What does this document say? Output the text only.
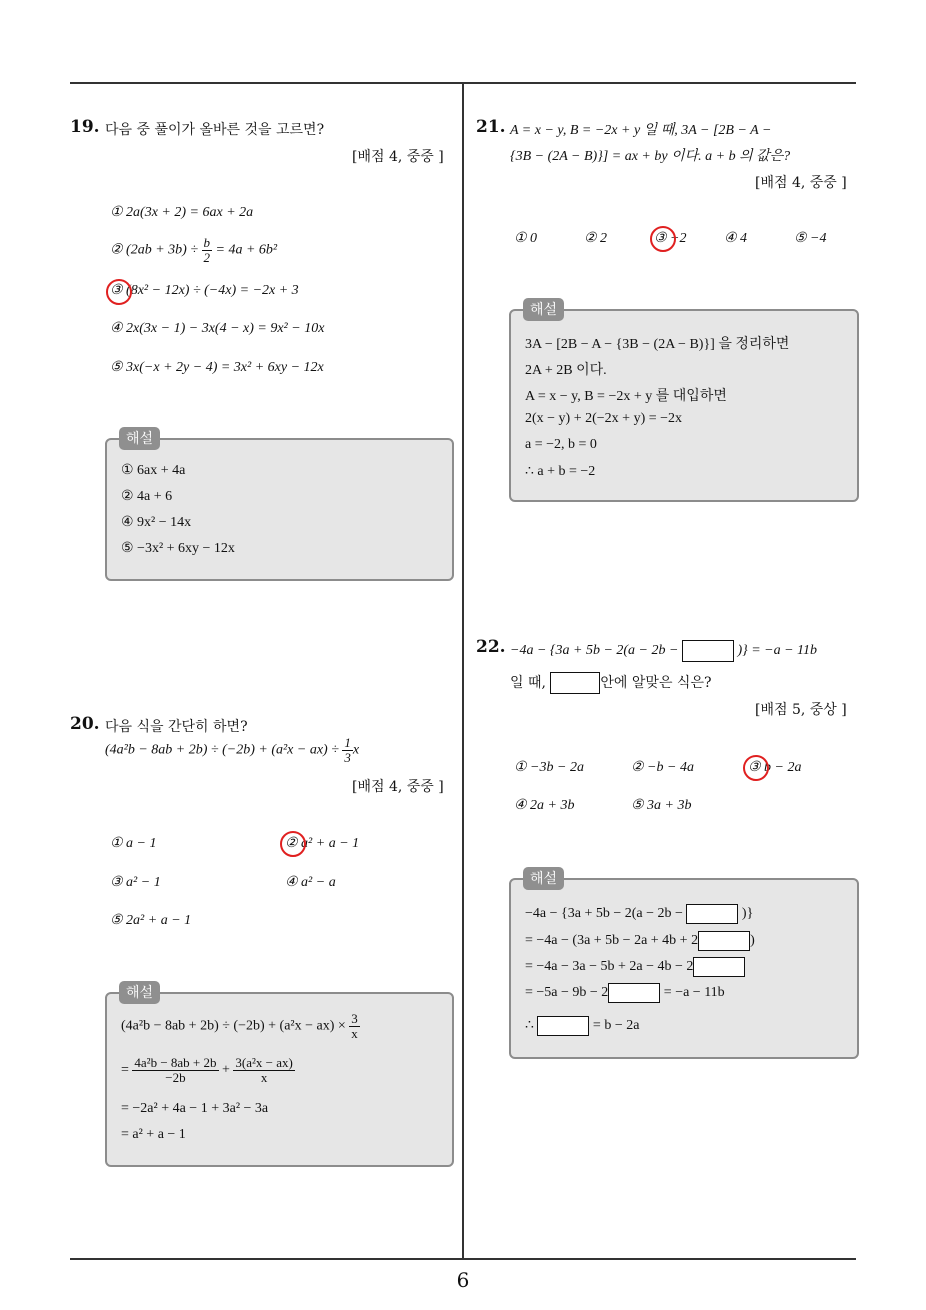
19. 다음 중 풀이가 올바른 것을 고르면?
[배점 4, 중중 ]
① 2a(3x + 2) = 6ax + 2a
② $(2ab + 3b) \div \frac{b}{2} = 4a + 6b^2$
③ (8x² − 12x) ÷ (−4x) = −2x + 3
④ 2x(3x − 1) − 3x(4 − x) = 9x² − 10x
⑤ 3x(−x + 2y − 4) = 3x² + 6xy − 12x
① 6ax + 4a
② 4a + 6
④ 9x² − 14x
⑤ −3x² + 6xy − 12x
해설
20. 다음 식을 간단히 하면?
$(4a^2b - 8ab + 2b) \div (-2b) + (a^2x - ax) \div \frac{1}{3}$ x
[배점 4, 중중 ]
① a − 1	② a² + a − 1
③ a² − 1	④ a² − a
⑤ 2a² + a − 1
$(4a^2b - 8ab + 2b) \div (-2b) + (a^2x - ax) \times \frac{3}{x}$
= $\frac{\text{4a²b − 8ab + 2b}}{-2b} + \frac{\text{3(a²x − ax)}}{x}$
= −2a² + 4a − 1 + 3a² − 3a
= a² + a − 1
해설
21. A = x − y, B = −2x + y 일 때, 3A − [2B − A −
{3B − (2A − B)}] = ax + by 이다. a + b 의 값은?
[배점 4, 중중 ]
① 0	② 2	③ −2	④ 4	⑤ −4
3A − [2B − A − {3B − (2A − B)}] 을 정리하면
2A + 2B 이다.
A = x − y, B = −2x + y 를 대입하면
2(x − y) + 2(−2x + y) = −2x
a = −2, b = 0
∴ a + b = −2
해설
22. −4a − {3a + 5b − 2(a − 2b −	)} = −a − 11b
일 때,	안에 알맞은 식은?
[배점 5, 중상 ]
① −3b − 2a	② −b − 4a	③ b − 2a
④ 2a + 3b	⑤ 3a + 3b
−4a − {3a + 5b − 2(a − 2b −	)}
= −4a − (3a + 5b − 2a + 4b + 2	)
= −4a − 3a − 5b + 2a − 4b − 2
= −5a − 9b − 2	= −a − 11b
∴	= b − 2a
해설
6
